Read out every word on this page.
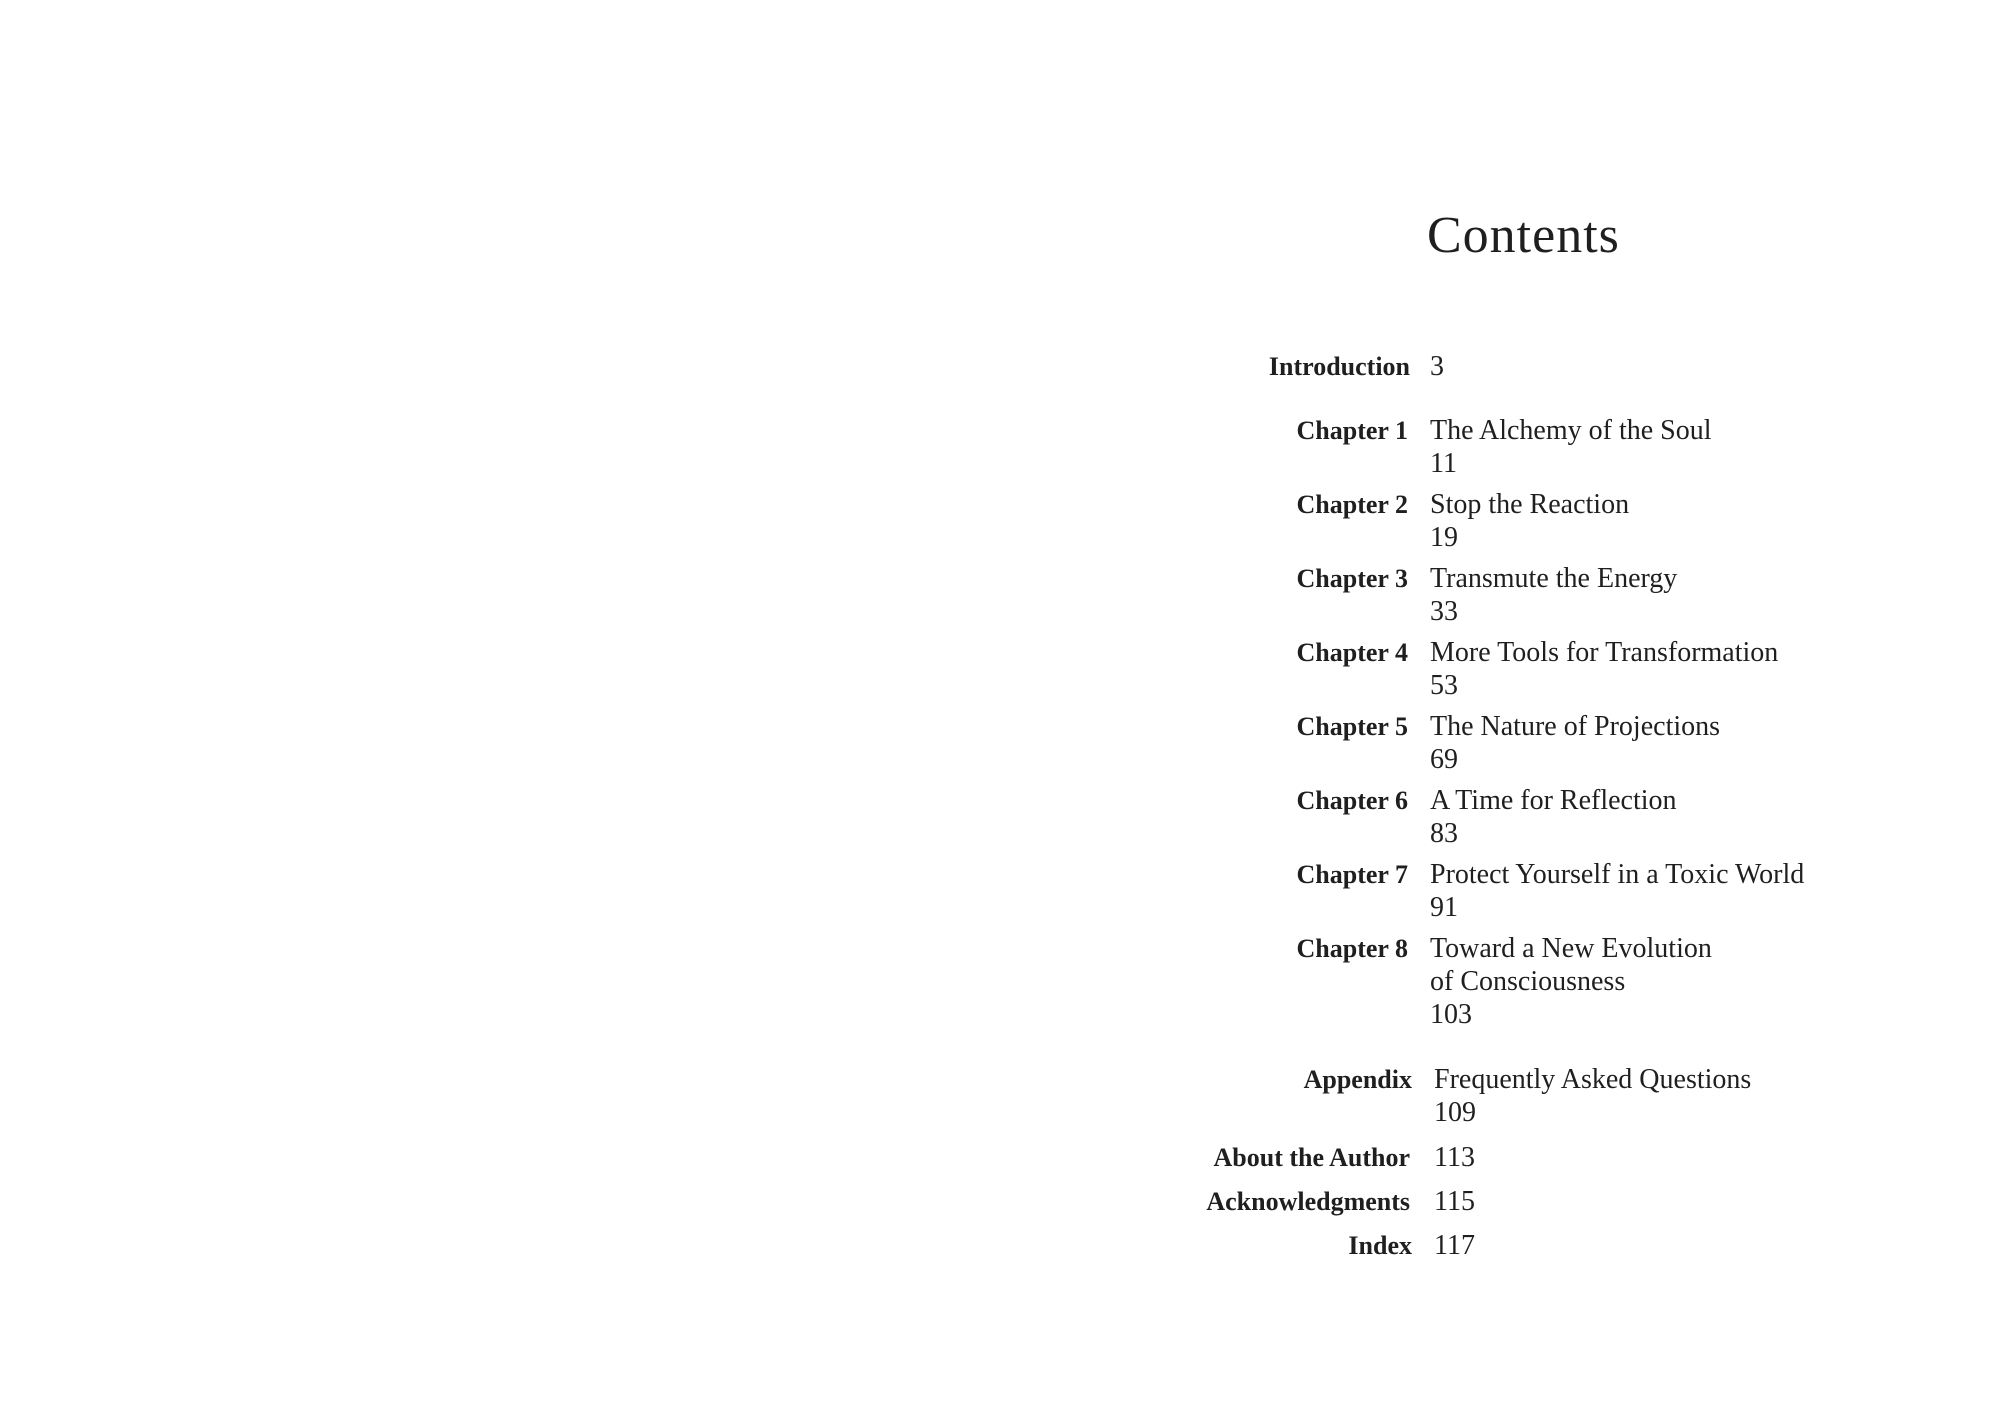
Contents
Introduction 3
Chapter 1 The Alchemy of the Soul
11
Chapter 2 Stop the Reaction
19
Chapter 3 Transmute the Energy
33
Chapter 4 More Tools for Transformation
53
Chapter 5 The Nature of Projections
69
Chapter 6 A Time for Reflection
83
Chapter 7 Protect Yourself in a Toxic World
91
Chapter 8 Toward a New Evolution
of Consciousness
103
Appendix Frequently Asked Questions
109
About the Author 113
Acknowledgments 115
Index 117
